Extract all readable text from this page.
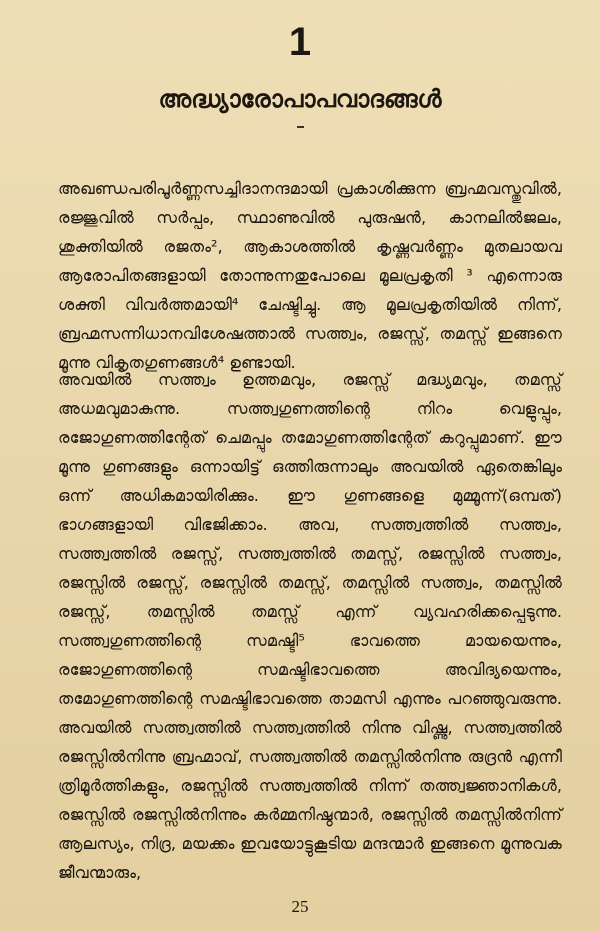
1
അദ്ധ്യാരോപാപവാദങ്ങൾ

അഖണ്ഡപരിപൂർണ്ണസച്ചിദാനന്ദമായി പ്രകാശിക്കുന്ന ബ്രഹ്മവസ്തുവിൽ, രജ്ജുവിൽ സർപ്പം, സ്ഥാണുവിൽ പുരുഷൻ, കാനലിൽജലം, ശുക്തിയിൽ രജതം², ആകാശത്തിൽ കൃഷ്ണവർണ്ണം മുതലായവ ആരോപിതങ്ങളായി തോന്നുന്നതുപോലെ മൂലപ്രകൃതി ³ എന്നൊരു ശക്തി വിവർത്തമായി⁴ ചേഷ്ടിച്ചു. ആ മൂലപ്രകൃതിയിൽ നിന്ന്, ബ്രഹ്മസന്നിധാനവിശേഷത്താൽ സത്ത്വം, രജസ്സ്, തമസ്സ് ഇങ്ങനെ മൂന്നു വികൃതഗുണങ്ങൾ⁴ ഉണ്ടായി.

അവയിൽ സത്ത്വം ഉത്തമവും, രജസ്സ് മദ്ധ്യമവും, തമസ്സ് അധമവുമാകുന്നു. സത്ത്വഗുണത്തിന്റെ നിറം വെളുപ്പും, രജോഗുണത്തിന്റേത് ചെമപ്പും തമോഗുണത്തിന്റേത് കറുപ്പുമാണ്. ഈ മൂന്നു ഗുണങ്ങളും ഒന്നായിട്ട് ഒത്തിരുന്നാലും അവയിൽ ഏതെങ്കിലും ഒന്ന് അധികമായിരിക്കും. ഈ ഗുണങ്ങളെ മുമ്മൂന്ന്(ഒമ്പത്) ഭാഗങ്ങളായി വിഭജിക്കാം. അവ, സത്ത്വത്തിൽ സത്ത്വം, സത്ത്വത്തിൽ രജസ്സ്, സത്ത്വത്തിൽ തമസ്സ്, രജസ്സിൽ സത്ത്വം, രജസ്സിൽ രജസ്സ്, രജസ്സിൽ തമസ്സ്, തമസ്സിൽ സത്ത്വം, തമസ്സിൽ രജസ്സ്, തമസ്സിൽ തമസ്സ് എന്ന് വ്യവഹരിക്കപ്പെടുന്നു. സത്ത്വഗുണത്തിന്റെ സമഷ്ടി⁵ ഭാവത്തെ മായയെന്നും, രജോഗുണത്തിന്റെ സമഷ്ടിഭാവത്തെ അവിദ്യയെന്നും, തമോഗുണത്തിന്റെ സമഷ്ടിഭാവത്തെ താമസി എന്നും പറഞ്ഞുവരുന്നു. അവയിൽ സത്ത്വത്തിൽ സത്ത്വത്തിൽ നിന്നു വിഷ്ണു, സത്ത്വത്തിൽ രജസ്സിൽനിന്നു ബ്രഹ്മാവ്, സത്ത്വത്തിൽ തമസ്സിൽനിന്നു രുദ്രൻ എന്നീ ത്രിമൂർത്തികളും, രജസ്സിൽ സത്ത്വത്തിൽ നിന്ന് തത്ത്വജ്ഞാനികൾ, രജസ്സിൽ രജസ്സിൽനിന്നും കർമ്മനിഷ്ഠന്മാർ, രജസ്സിൽ തമസ്സിൽനിന്ന് ആലസ്യം, നിദ്ര, മയക്കം ഇവയോട്ടുകൂടിയ മന്ദന്മാർ ഇങ്ങനെ മൂന്നുവക ജീവന്മാരും,

25
